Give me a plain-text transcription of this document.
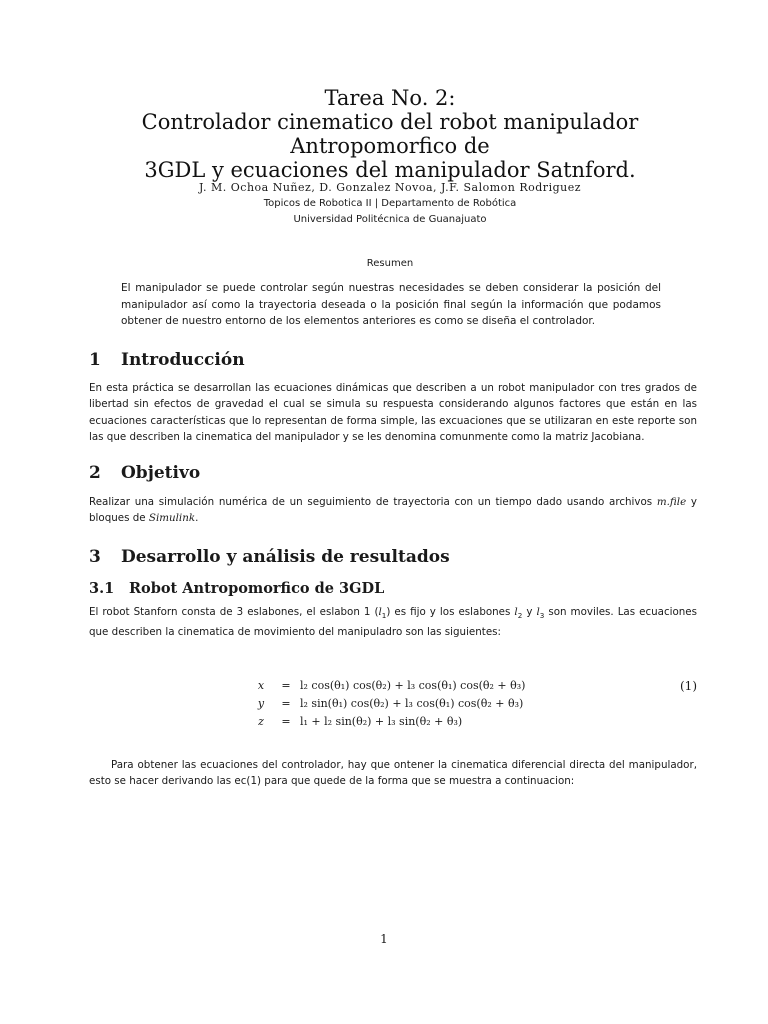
Tarea No. 2:
Controlador cinematico del robot manipulador Antropomorfico de
3GDL y ecuaciones del manipulador Satnford.
J. M. Ochoa Nuñez, D. Gonzalez Novoa, J.F. Salomon Rodriguez
Topicos de Robotica II | Departamento de Robótica
Universidad Politécnica de Guanajuato
Resumen
El manipulador se puede controlar según nuestras necesidades se deben considerar la posición del manipulador así como la trayectoria deseada o la posición final según la información que podamos obtener de nuestro entorno de los elementos anteriores es como se diseña el controlador.
1 Introducción
En esta práctica se desarrollan las ecuaciones dinámicas que describen a un robot manipulador con tres grados de libertad sin efectos de gravedad el cual se simula su respuesta considerando algunos factores que están en las ecuaciones características que lo representan de forma simple, las excuaciones que se utilizaran en este reporte son las que describen la cinematica del manipulador y se les denomina comunmente como la matriz Jacobiana.
2 Objetivo
Realizar una simulación numérica de un seguimiento de trayectoria con un tiempo dado usando archivos m.file y bloques de Simulink.
3 Desarrollo y análisis de resultados
3.1 Robot Antropomorfico de 3GDL
El robot Stanforn consta de 3 eslabones, el eslabon 1 $(l_1)$ es fijo y los eslabones $l_2$ y $l_3$ son moviles. Las ecuaciones que describen la cinematica de movimiento del manipuladro son las siguientes:
x = l₂ cos(θ₁) cos(θ₂) + l₃ cos(θ₁) cos(θ₂ + θ₃)
y = l₂ sin(θ₁) cos(θ₂) + l₃ cos(θ₁) cos(θ₂ + θ₃)
z = l₁ + l₂ sin(θ₂) + l₃ sin(θ₂ + θ₃)
(1)
Para obtener las ecuaciones del controlador, hay que ontener la cinematica diferencial directa del manipulador, esto se hacer derivando las ec(1) para que quede de la forma que se muestra a continuacion:
1
